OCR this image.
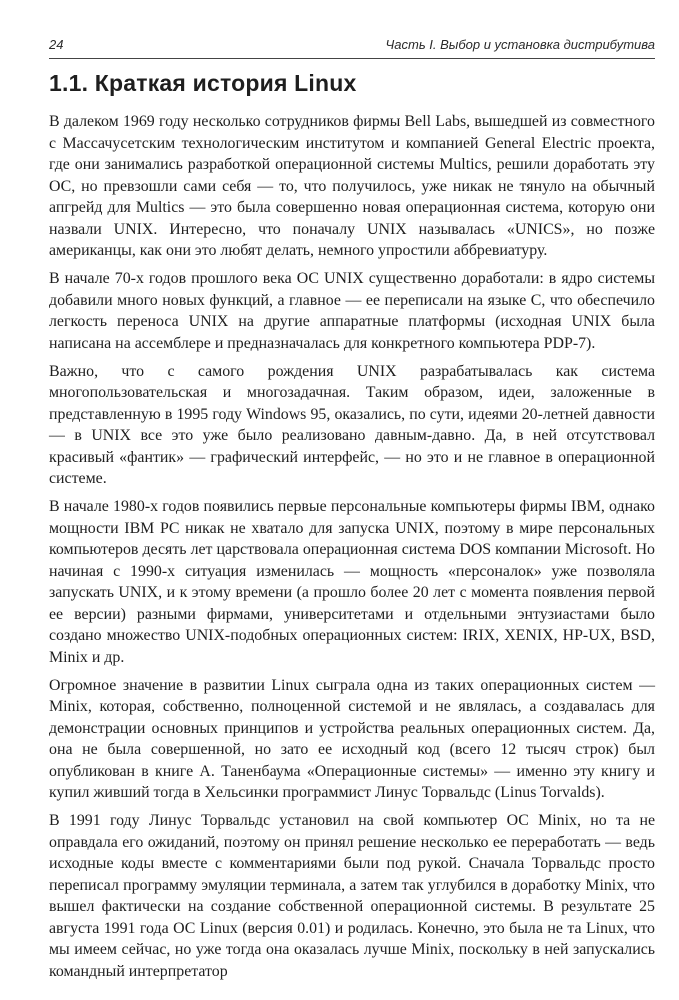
24	Часть I. Выбор и установка дистрибутива
1.1. Краткая история Linux

В далеком 1969 году несколько сотрудников фирмы Bell Labs, вышедшей из совместного с Массачусетским технологическим институтом и компанией General Electric проекта, где они занимались разработкой операционной системы Multics, решили доработать эту ОС, но превзошли сами себя — то, что получилось, уже никак не тянуло на обычный апгрейд для Multics — это была совершенно новая операционная система, которую они назвали UNIX. Интересно, что поначалу UNIX называлась «UNICS», но позже американцы, как они это любят делать, немного упростили аббревиатуру.

В начале 70-х годов прошлого века ОС UNIX существенно доработали: в ядро системы добавили много новых функций, а главное — ее переписали на языке С, что обеспечило легкость переноса UNIX на другие аппаратные платформы (исходная UNIX была написана на ассемблере и предназначалась для конкретного компьютера PDP-7).

Важно, что с самого рождения UNIX разрабатывалась как система многопользовательская и многозадачная. Таким образом, идеи, заложенные в представленную в 1995 году Windows 95, оказались, по сути, идеями 20-летней давности — в UNIX все это уже было реализовано давным-давно. Да, в ней отсутствовал красивый «фантик» — графический интерфейс, — но это и не главное в операционной системе.

В начале 1980-х годов появились первые персональные компьютеры фирмы IBM, однако мощности IBM PC никак не хватало для запуска UNIX, поэтому в мире персональных компьютеров десять лет царствовала операционная система DOS компании Microsoft. Но начиная с 1990-х ситуация изменилась — мощность «персоналок» уже позволяла запускать UNIX, и к этому времени (а прошло более 20 лет с момента появления первой ее версии) разными фирмами, университетами и отдельными энтузиастами было создано множество UNIX-подобных операционных систем: IRIX, XENIX, HP-UX, BSD, Minix и др.

Огромное значение в развитии Linux сыграла одна из таких операционных систем — Minix, которая, собственно, полноценной системой и не являлась, а создавалась для демонстрации основных принципов и устройства реальных операционных систем. Да, она не была совершенной, но зато ее исходный код (всего 12 тысяч строк) был опубликован в книге А. Таненбаума «Операционные системы» — именно эту книгу и купил живший тогда в Хельсинки программист Линус Торвальдс (Linus Torvalds).

В 1991 году Линус Торвальдс установил на свой компьютер ОС Minix, но та не оправдала его ожиданий, поэтому он принял решение несколько ее переработать — ведь исходные коды вместе с комментариями были под рукой. Сначала Торвальдс просто переписал программу эмуляции терминала, а затем так углубился в доработку Minix, что вышел фактически на создание собственной операционной системы. В результате 25 августа 1991 года ОС Linux (версия 0.01) и родилась. Конечно, это была не та Linux, что мы имеем сейчас, но уже тогда она оказалась лучше Minix, поскольку в ней запускались командный интерпретатор
